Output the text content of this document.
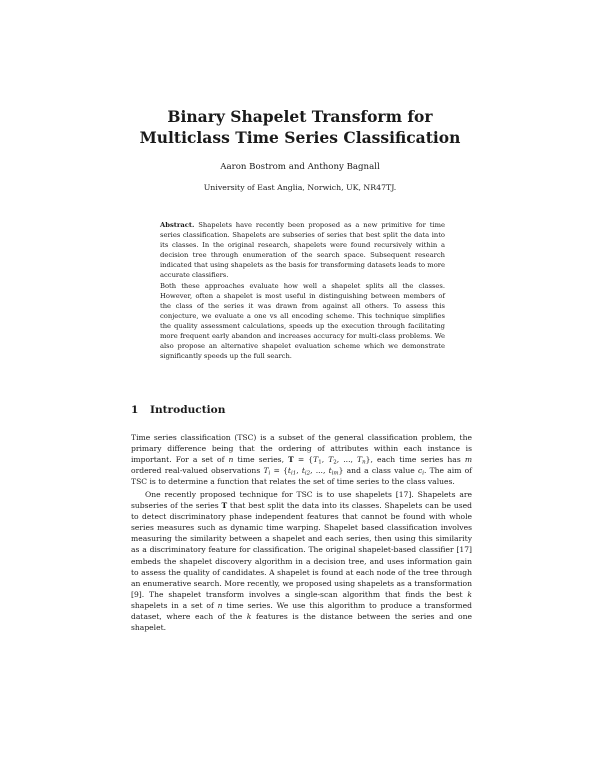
Binary Shapelet Transform for Multiclass Time Series Classification

Aaron Bostrom and Anthony Bagnall

University of East Anglia, Norwich, UK, NR47TJ.

Abstract. Shapelets have recently been proposed as a new primitive for time series classification. Shapelets are subseries of series that best split the data into its classes. In the original research, shapelets were found recursively within a decision tree through enumeration of the search space. Subsequent research indicated that using shapelets as the basis for transforming datasets leads to more accurate classifiers.

Both these approaches evaluate how well a shapelet splits all the classes. However, often a shapelet is most useful in distinguishing between members of the class of the series it was drawn from against all others. To assess this conjecture, we evaluate a one vs all encoding scheme. This technique simplifies the quality assessment calculations, speeds up the execution through facilitating more frequent early abandon and increases accuracy for multi-class problems. We also propose an alternative shapelet evaluation scheme which we demonstrate significantly speeds up the full search.

1 Introduction

Time series classification (TSC) is a subset of the general classification problem, the primary difference being that the ordering of attributes within each instance is important. For a set of n time series, $T = \{T_1$, $T_2$, ..., $T_n$}, each time series has m ordered real-valued observations $T_i = \{t_{i1}$, $t_{i2}$, ..., $t_{im}$} and a class value $c_i$. The aim of TSC is to determine a function that relates the set of time series to the class values.

One recently proposed technique for TSC is to use shapelets [17]. Shapelets are subseries of the series T that best split the data into its classes. Shapelets can be used to detect discriminatory phase independent features that cannot be found with whole series measures such as dynamic time warping. Shapelet based classification involves measuring the similarity between a shapelet and each series, then using this similarity as a discriminatory feature for classification. The original shapelet-based classifier [17] embeds the shapelet discovery algorithm in a decision tree, and uses information gain to assess the quality of candidates. A shapelet is found at each node of the tree through an enumerative search. More recently, we proposed using shapelets as a transformation [9]. The shapelet transform involves a single-scan algorithm that finds the best k shapelets in a set of n time series. We use this algorithm to produce a transformed dataset, where each of the k features is the distance between the series and one shapelet.
